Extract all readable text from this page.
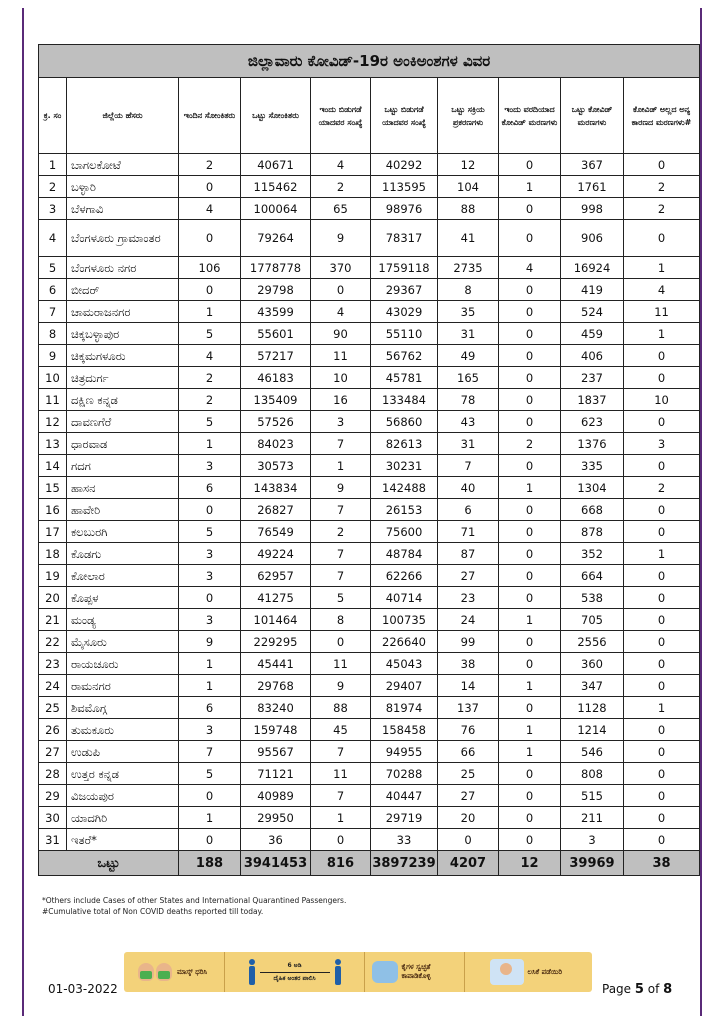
ಜಿಲ್ಲಾವಾರು ಕೋವಿಡ್-19ರ ಅಂಕಿಅಂಶಗಳ ವಿವರ									
ಕ್ರ. ಸಂ	ಜಿಲ್ಲೆಯ ಹೆಸರು	ಇಂದಿನ ಸೋಂಕಿತರು	ಒಟ್ಟು ಸೋಂಕಿತರು	ಇಂದು ಬಿಡುಗಡೆ ಯಾದವರ ಸಂಖ್ಯೆ	ಒಟ್ಟು ಬಿಡುಗಡೆ ಯಾದವರ ಸಂಖ್ಯೆ	ಒಟ್ಟು ಸಕ್ರಿಯ ಪ್ರಕರಣಗಳು	ಇಂದು ವರದಿಯಾದ ಕೋವಿಡ್ ಮರಣಗಳು	ಒಟ್ಟು ಕೋವಿಡ್ ಮರಣಗಳು	ಕೋವಿಡ್ ಅಲ್ಲದ ಅನ್ಯ ಕಾರಣದ ಮರಣಗಳು#
1	ಬಾಗಲಕೋಟೆ	2	40671	4	40292	12	0	367	0
2	ಬಳ್ಳಾರಿ	0	115462	2	113595	104	1	1761	2
3	ಬೆಳಗಾವಿ	4	100064	65	98976	88	0	998	2
4	ಬೆಂಗಳೂರು ಗ್ರಾಮಾಂತರ	0	79264	9	78317	41	0	906	0
5	ಬೆಂಗಳೂರು ನಗರ	106	1778778	370	1759118	2735	4	16924	1
6	ಬೀದರ್	0	29798	0	29367	8	0	419	4
7	ಚಾಮರಾಜನಗರ	1	43599	4	43029	35	0	524	11
8	ಚಿಕ್ಕಬಳ್ಳಾಪುರ	5	55601	90	55110	31	0	459	1
9	ಚಿಕ್ಕಮಗಳೂರು	4	57217	11	56762	49	0	406	0
10	ಚಿತ್ರದುರ್ಗ	2	46183	10	45781	165	0	237	0
11	ದಕ್ಷಿಣ ಕನ್ನಡ	2	135409	16	133484	78	0	1837	10
12	ದಾವಣಗೆರೆ	5	57526	3	56860	43	0	623	0
13	ಧಾರವಾಡ	1	84023	7	82613	31	2	1376	3
14	ಗದಗ	3	30573	1	30231	7	0	335	0
15	ಹಾಸನ	6	143834	9	142488	40	1	1304	2
16	ಹಾವೇರಿ	0	26827	7	26153	6	0	668	0
17	ಕಲಬುರಗಿ	5	76549	2	75600	71	0	878	0
18	ಕೊಡಗು	3	49224	7	48784	87	0	352	1
19	ಕೋಲಾರ	3	62957	7	62266	27	0	664	0
20	ಕೊಪ್ಪಳ	0	41275	5	40714	23	0	538	0
21	ಮಂಡ್ಯ	3	101464	8	100735	24	1	705	0
22	ಮೈಸೂರು	9	229295	0	226640	99	0	2556	0
23	ರಾಯಚೂರು	1	45441	11	45043	38	0	360	0
24	ರಾಮನಗರ	1	29768	9	29407	14	1	347	0
25	ಶಿವಮೊಗ್ಗ	6	83240	88	81974	137	0	1128	1
26	ತುಮಕೂರು	3	159748	45	158458	76	1	1214	0
27	ಉಡುಪಿ	7	95567	7	94955	66	1	546	0
28	ಉತ್ತರ ಕನ್ನಡ	5	71121	11	70288	25	0	808	0
29	ವಿಜಯಪುರ	0	40989	7	40447	27	0	515	0
30	ಯಾದಗಿರಿ	1	29950	1	29719	20	0	211	0
31	ಇತರೆ*	0	36	0	33	0	0	3	0
ಒಟ್ಟು		188	3941453	816	3897239	4207	12	39969	38
*Others include Cases of other States and International Quarantined Passengers.
#Cumulative total of Non COVID deaths reported till today.
ಮಾಸ್ಕ್ ಧರಿಸಿ
6 ಅಡಿ
ದೈಹಿಕ ಅಂತರ ಪಾಲಿಸಿ
ಕೈಗಳ ಸ್ವಚ್ಛತೆ ಕಾಪಾಡಿಕೊಳ್ಳಿ
ಲಸಿಕೆ ಪಡೆಯಿರಿ
01-03-2022	Page 5 of 8
